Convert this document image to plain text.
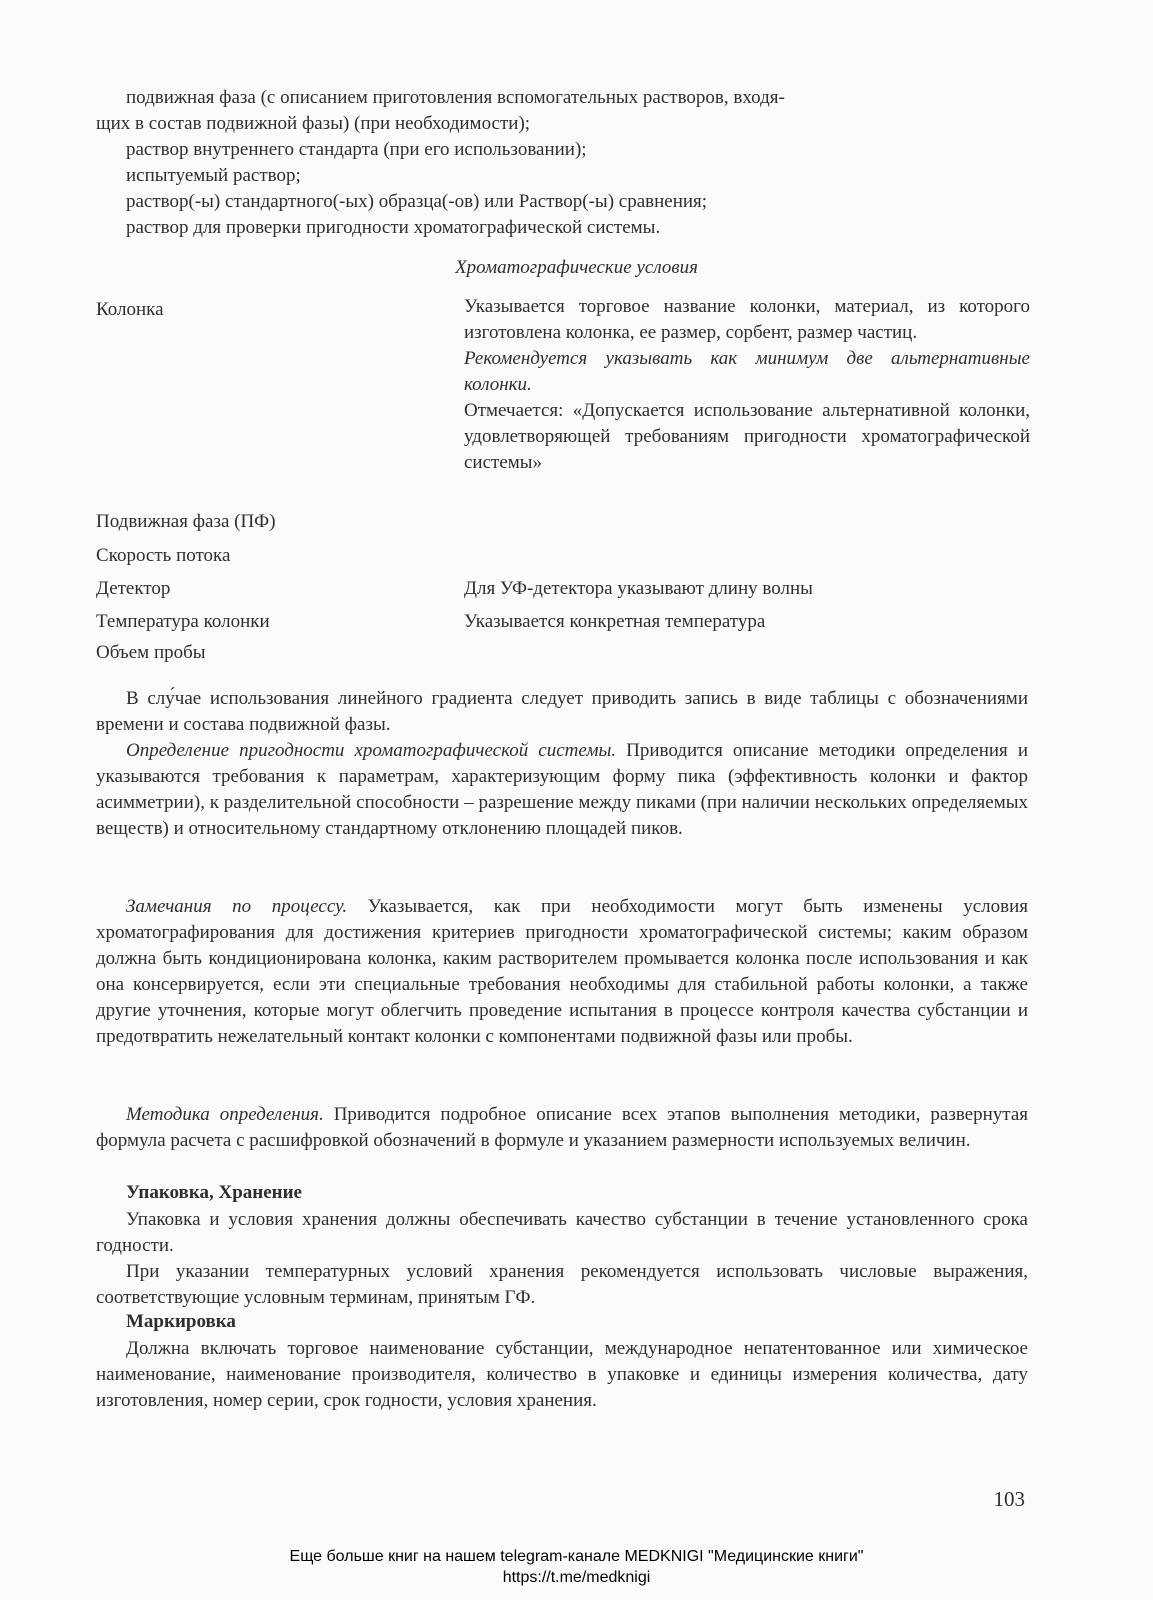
подвижная фаза (с описанием приготовления вспомогательных растворов, входя-
щих в состав подвижной фазы) (при необходимости);
раствор внутреннего стандарта (при его использовании);
испытуемый раствор;
раствор(-ы) стандартного(-ых) образца(-ов) или Раствор(-ы) сравнения;
раствор для проверки пригодности хроматографической системы.
Хроматографические условия
Колонка	Указывается торговое название колонки, материал, из которого изготовлена колонка, ее размер, сорбент, размер частиц.
Рекомендуется указывать как минимум две альтернативные колонки.
Отмечается: «Допускается использование альтернативной колонки, удовлетворяющей требованиям пригодности хроматографической системы»
Подвижная фаза (ПФ)
Скорость потока
Детектор	Для УФ-детектора указывают длину волны
Температура колонки	Указывается конкретная температура
Объем пробы

В слу́чае использования линейного градиента следует приводить запись в виде таблицы с обозначениями времени и состава подвижной фазы.

Определение пригодности хроматографической системы. Приводится описание методики определения и указываются требования к параметрам, характеризующим форму пика (эффективность колонки и фактор асимметрии), к разделительной способности – разрешение между пиками (при наличии нескольких определяемых веществ) и относительному стандартному отклонению площадей пиков.

Замечания по процессу. Указывается, как при необходимости могут быть изменены условия хроматографирования для достижения критериев пригодности хроматографической системы; каким образом должна быть кондиционирована колонка, каким растворителем промывается колонка после использования и как она консервируется, если эти специальные требования необходимы для стабильной работы колонки, а также другие уточнения, которые могут облегчить проведение испытания в процессе контроля качества субстанции и предотвратить нежелательный контакт колонки с компонентами подвижной фазы или пробы.

Методика определения. Приводится подробное описание всех этапов выполнения методики, развернутая формула расчета с расшифровкой обозначений в формуле и указанием размерности используемых величин.

Упаковка, Хранение

Упаковка и условия хранения должны обеспечивать качество субстанции в течение установленного срока годности.

При указании температурных условий хранения рекомендуется использовать числовые выражения, соответствующие условным терминам, принятым ГФ.

Маркировка

Должна включать торговое наименование субстанции, международное непатентованное или химическое наименование, наименование производителя, количество в упаковке и единицы измерения количества, дату изготовления, номер серии, срок годности, условия хранения.

103
Еще больше книг на нашем telegram-канале MEDKNIGI "Медицинские книги"
https://t.me/medknigi
